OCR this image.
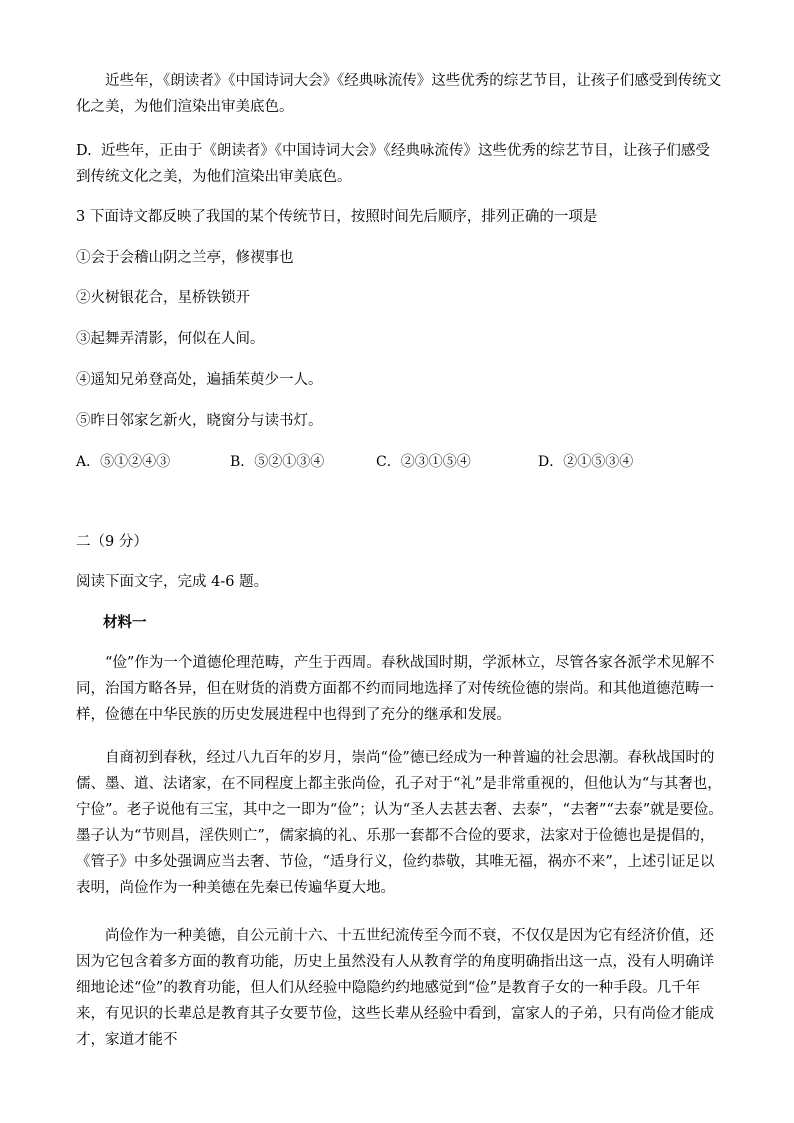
近些年，《朗读者》《中国诗词大会》《经典咏流传》这些优秀的综艺节目，让孩子们感受到传统文化之美，为他们渲染出审美底色。

D. 近些年，正由于《朗读者》《中国诗词大会》《经典咏流传》这些优秀的综艺节目，让孩子们感受到传统文化之美，为他们渲染出审美底色。

3 下面诗文都反映了我国的某个传统节日，按照时间先后顺序，排列正确的一项是

①会于会稽山阴之兰亭，修禊事也

②火树银花合，星桥铁锁开

③起舞弄清影，何似在人间。

④遥知兄弟登高处，遍插茱萸少一人。

⑤昨日邻家乞新火，晓窗分与读书灯。

A．⑤①②④③	B．⑤②①③④	C．②③①⑤④	D．②①⑤③④

二（9 分）

阅读下面文字，完成 4-6 题。

材料一

“俭”作为一个道德伦理范畴，产生于西周。春秋战国时期，学派林立，尽管各家各派学术见解不同，治国方略各异，但在财货的消费方面都不约而同地选择了对传统俭德的崇尚。和其他道德范畴一样，俭德在中华民族的历史发展进程中也得到了充分的继承和发展。

自商初到春秋，经过八九百年的岁月，崇尚“俭”德已经成为一种普遍的社会思潮。春秋战国时的儒、墨、道、法诸家，在不同程度上都主张尚俭，孔子对于“礼”是非常重视的，但他认为“与其奢也，宁俭”。老子说他有三宝，其中之一即为“俭”；认为“圣人去甚去奢、去泰”，“去奢”“去泰”就是要俭。墨子认为“节则昌，淫佚则亡”，儒家搞的礼、乐那一套都不合俭的要求，法家对于俭德也是提倡的，《管子》中多处强调应当去奢、节俭，“适身行义，俭约恭敬，其唯无福，祸亦不来”，上述引证足以表明，尚俭作为一种美德在先秦已传遍华夏大地。

尚俭作为一种美德，自公元前十六、十五世纪流传至今而不衰，不仅仅是因为它有经济价值，还因为它包含着多方面的教育功能，历史上虽然没有人从教育学的角度明确指出这一点，没有人明确详细地论述“俭”的教育功能，但人们从经验中隐隐约约地感觉到“俭”是教育子女的一种手段。几千年来，有见识的长辈总是教育其子女要节俭，这些长辈从经验中看到，富家人的子弟，只有尚俭才能成才，家道才能不
